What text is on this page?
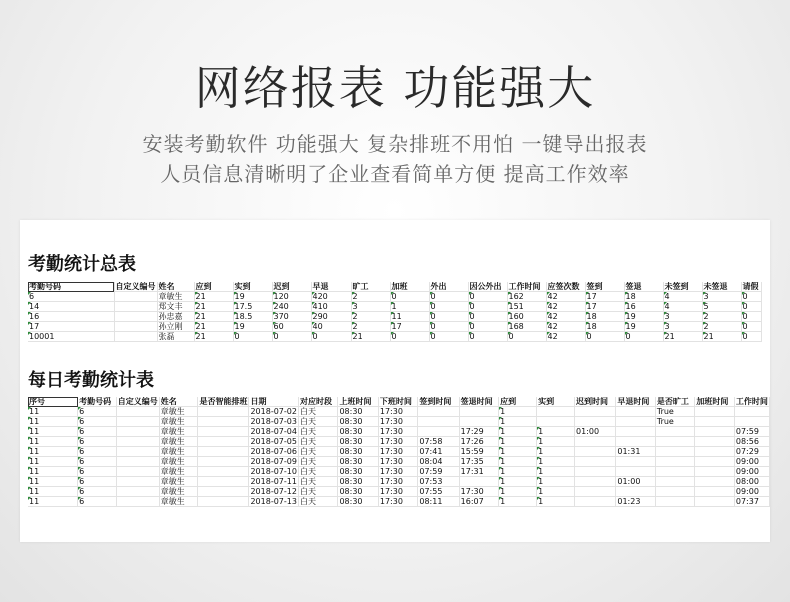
网络报表 功能强大
安装考勤软件 功能强大 复杂排班不用怕 一键导出报表
人员信息清晰明了企业查看简单方便 提高工作效率
考勤统计总表
考勤号码	自定义编号	姓名	应到	实到	迟到	早退	旷工	加班	外出	因公外出	工作时间	应签次数	签到	签退	未签到	未签退	请假
6		章敏生	21	19	120	420	2	0	0	0	162	42	17	18	4	3	0
14		郑文丰	21	17.5	240	410	3	1	0	0	151	42	17	16	4	5	0
16		孙忠嘉	21	18.5	370	290	2	11	0	0	160	42	18	19	3	2	0
17		孙立刚	21	19	60	40	2	17	0	0	168	42	18	19	3	2	0
10001		张磊	21	0	0	0	21	0	0	0	0	42	0	0	21	21	0
每日考勤统计表
序号	考勤号码	自定义编号	姓名	是否智能排班	日期	对应时段	上班时间	下班时间	签到时间	签退时间	应到	实到	迟到时间	早退时间	是否旷工	加班时间	工作时间
11	6		章敏生		2018-07-02	白天	08:30	17:30			1				True		
11	6		章敏生		2018-07-03	白天	08:30	17:30			1				True		
11	6		章敏生		2018-07-04	白天	08:30	17:30		17:29	1	1	01:00				07:59
11	6		章敏生		2018-07-05	白天	08:30	17:30	07:58	17:26	1	1					08:56
11	6		章敏生		2018-07-06	白天	08:30	17:30	07:41	15:59	1	1		01:31			07:29
11	6		章敏生		2018-07-09	白天	08:30	17:30	08:04	17:35	1	1					09:00
11	6		章敏生		2018-07-10	白天	08:30	17:30	07:59	17:31	1	1					09:00
11	6		章敏生		2018-07-11	白天	08:30	17:30	07:53		1	1		01:00			08:00
11	6		章敏生		2018-07-12	白天	08:30	17:30	07:55	17:30	1	1					09:00
11	6		章敏生		2018-07-13	白天	08:30	17:30	08:11	16:07	1	1		01:23			07:37
